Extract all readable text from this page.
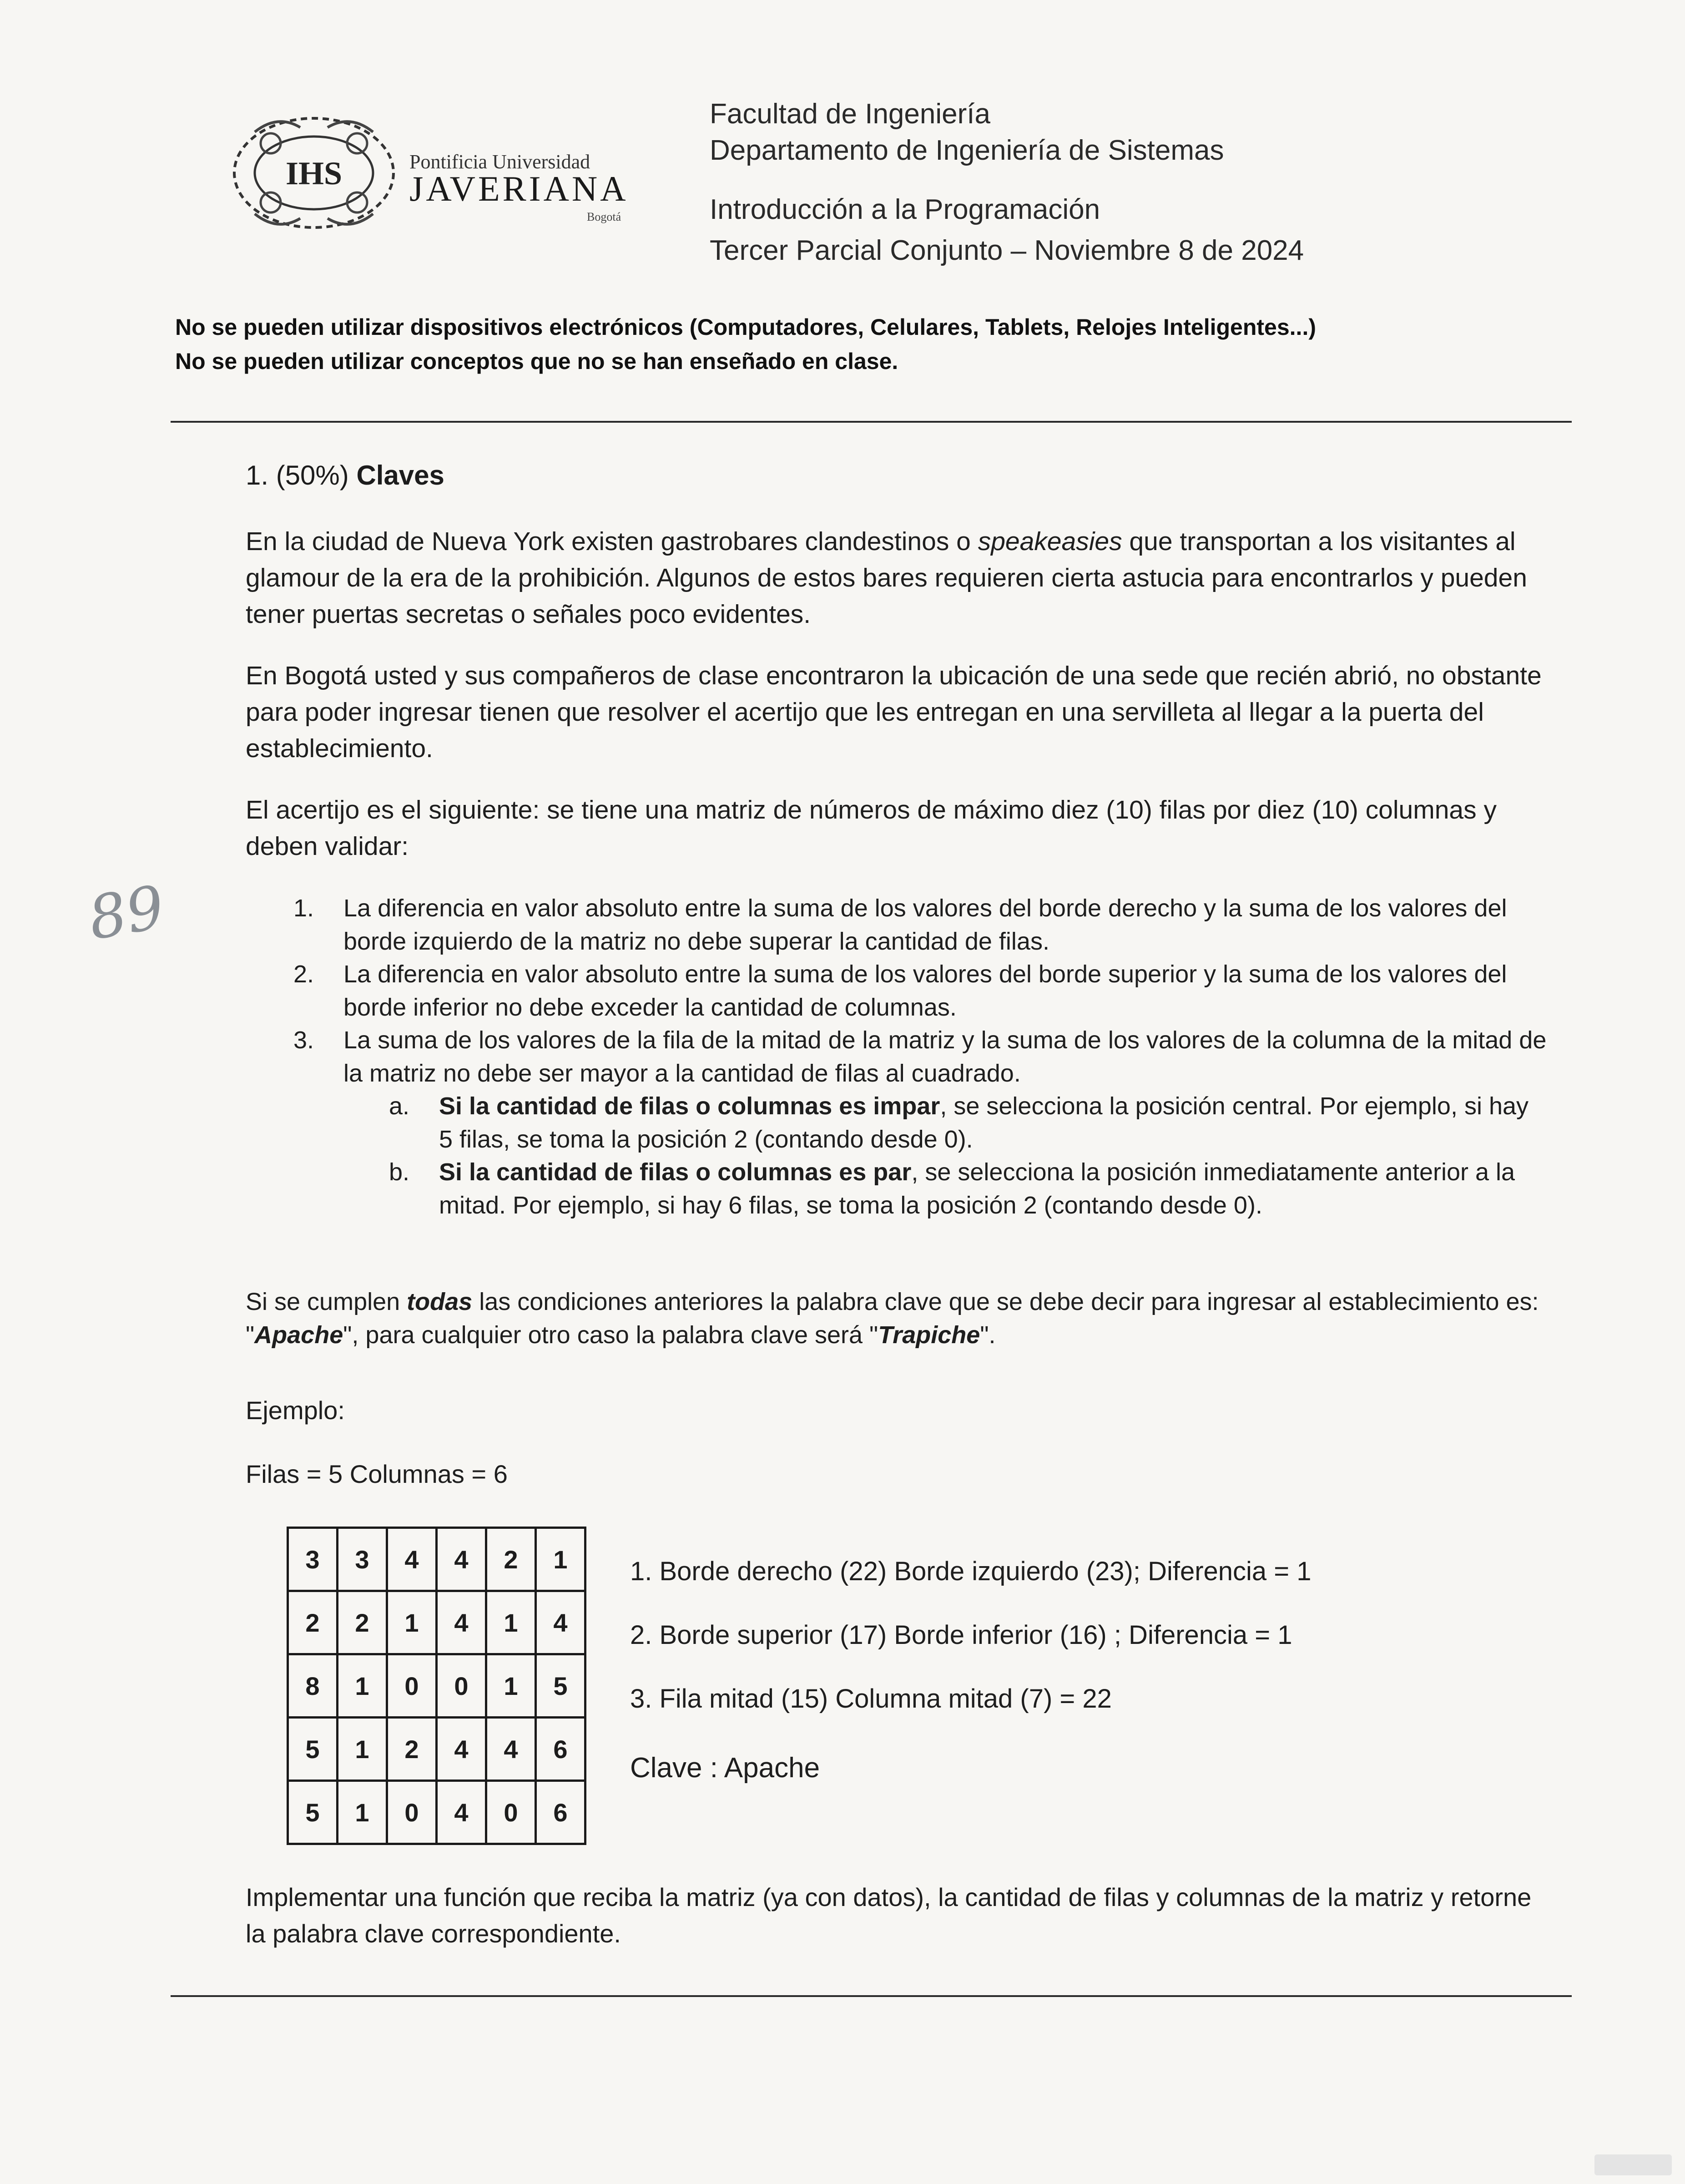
IHS	Pontificia Universidad
JAVERIANA
Bogotá
Facultad de Ingeniería
Departamento de Ingeniería de Sistemas
Introducción a la Programación
Tercer Parcial Conjunto – Noviembre 8 de 2024
No se pueden utilizar dispositivos electrónicos (Computadores, Celulares, Tablets, Relojes Inteligentes...)
No se pueden utilizar conceptos que no se han enseñado en clase.
89
1. (50%) Claves
En la ciudad de Nueva York existen gastrobares clandestinos o speakeasies que transportan a los visitantes al glamour de la era de la prohibición. Algunos de estos bares requieren cierta astucia para encontrarlos y pueden tener puertas secretas o señales poco evidentes.
En Bogotá usted y sus compañeros de clase encontraron la ubicación de una sede que recién abrió, no obstante para poder ingresar tienen que resolver el acertijo que les entregan en una servilleta al llegar a la puerta del establecimiento.
El acertijo es el siguiente: se tiene una matriz de números de máximo diez (10) filas por diez (10) columnas y deben validar:
1. La diferencia en valor absoluto entre la suma de los valores del borde derecho y la suma de los valores del borde izquierdo de la matriz no debe superar la cantidad de filas.
2. La diferencia en valor absoluto entre la suma de los valores del borde superior y la suma de los valores del borde inferior no debe exceder la cantidad de columnas.
3. La suma de los valores de la fila de la mitad de la matriz y la suma de los valores de la columna de la mitad de la matriz no debe ser mayor a la cantidad de filas al cuadrado.
a. Si la cantidad de filas o columnas es impar, se selecciona la posición central. Por ejemplo, si hay 5 filas, se toma la posición 2 (contando desde 0).
b. Si la cantidad de filas o columnas es par, se selecciona la posición inmediatamente anterior a la mitad. Por ejemplo, si hay 6 filas, se toma la posición 2 (contando desde 0).
Si se cumplen todas las condiciones anteriores la palabra clave que se debe decir para ingresar al establecimiento es: "Apache", para cualquier otro caso la palabra clave será "Trapiche".
Ejemplo:
Filas = 5 Columnas = 6
3	3	4	4	2	1
2	2	1	4	1	4
8	1	0	0	1	5
5	1	2	4	4	6
5	1	0	4	0	6
1. Borde derecho (22) Borde izquierdo (23); Diferencia = 1
2. Borde superior (17) Borde inferior (16) ; Diferencia = 1
3. Fila mitad (15) Columna mitad (7) = 22
Clave : Apache
Implementar una función que reciba la matriz (ya con datos), la cantidad de filas y columnas de la matriz y retorne la palabra clave correspondiente.
